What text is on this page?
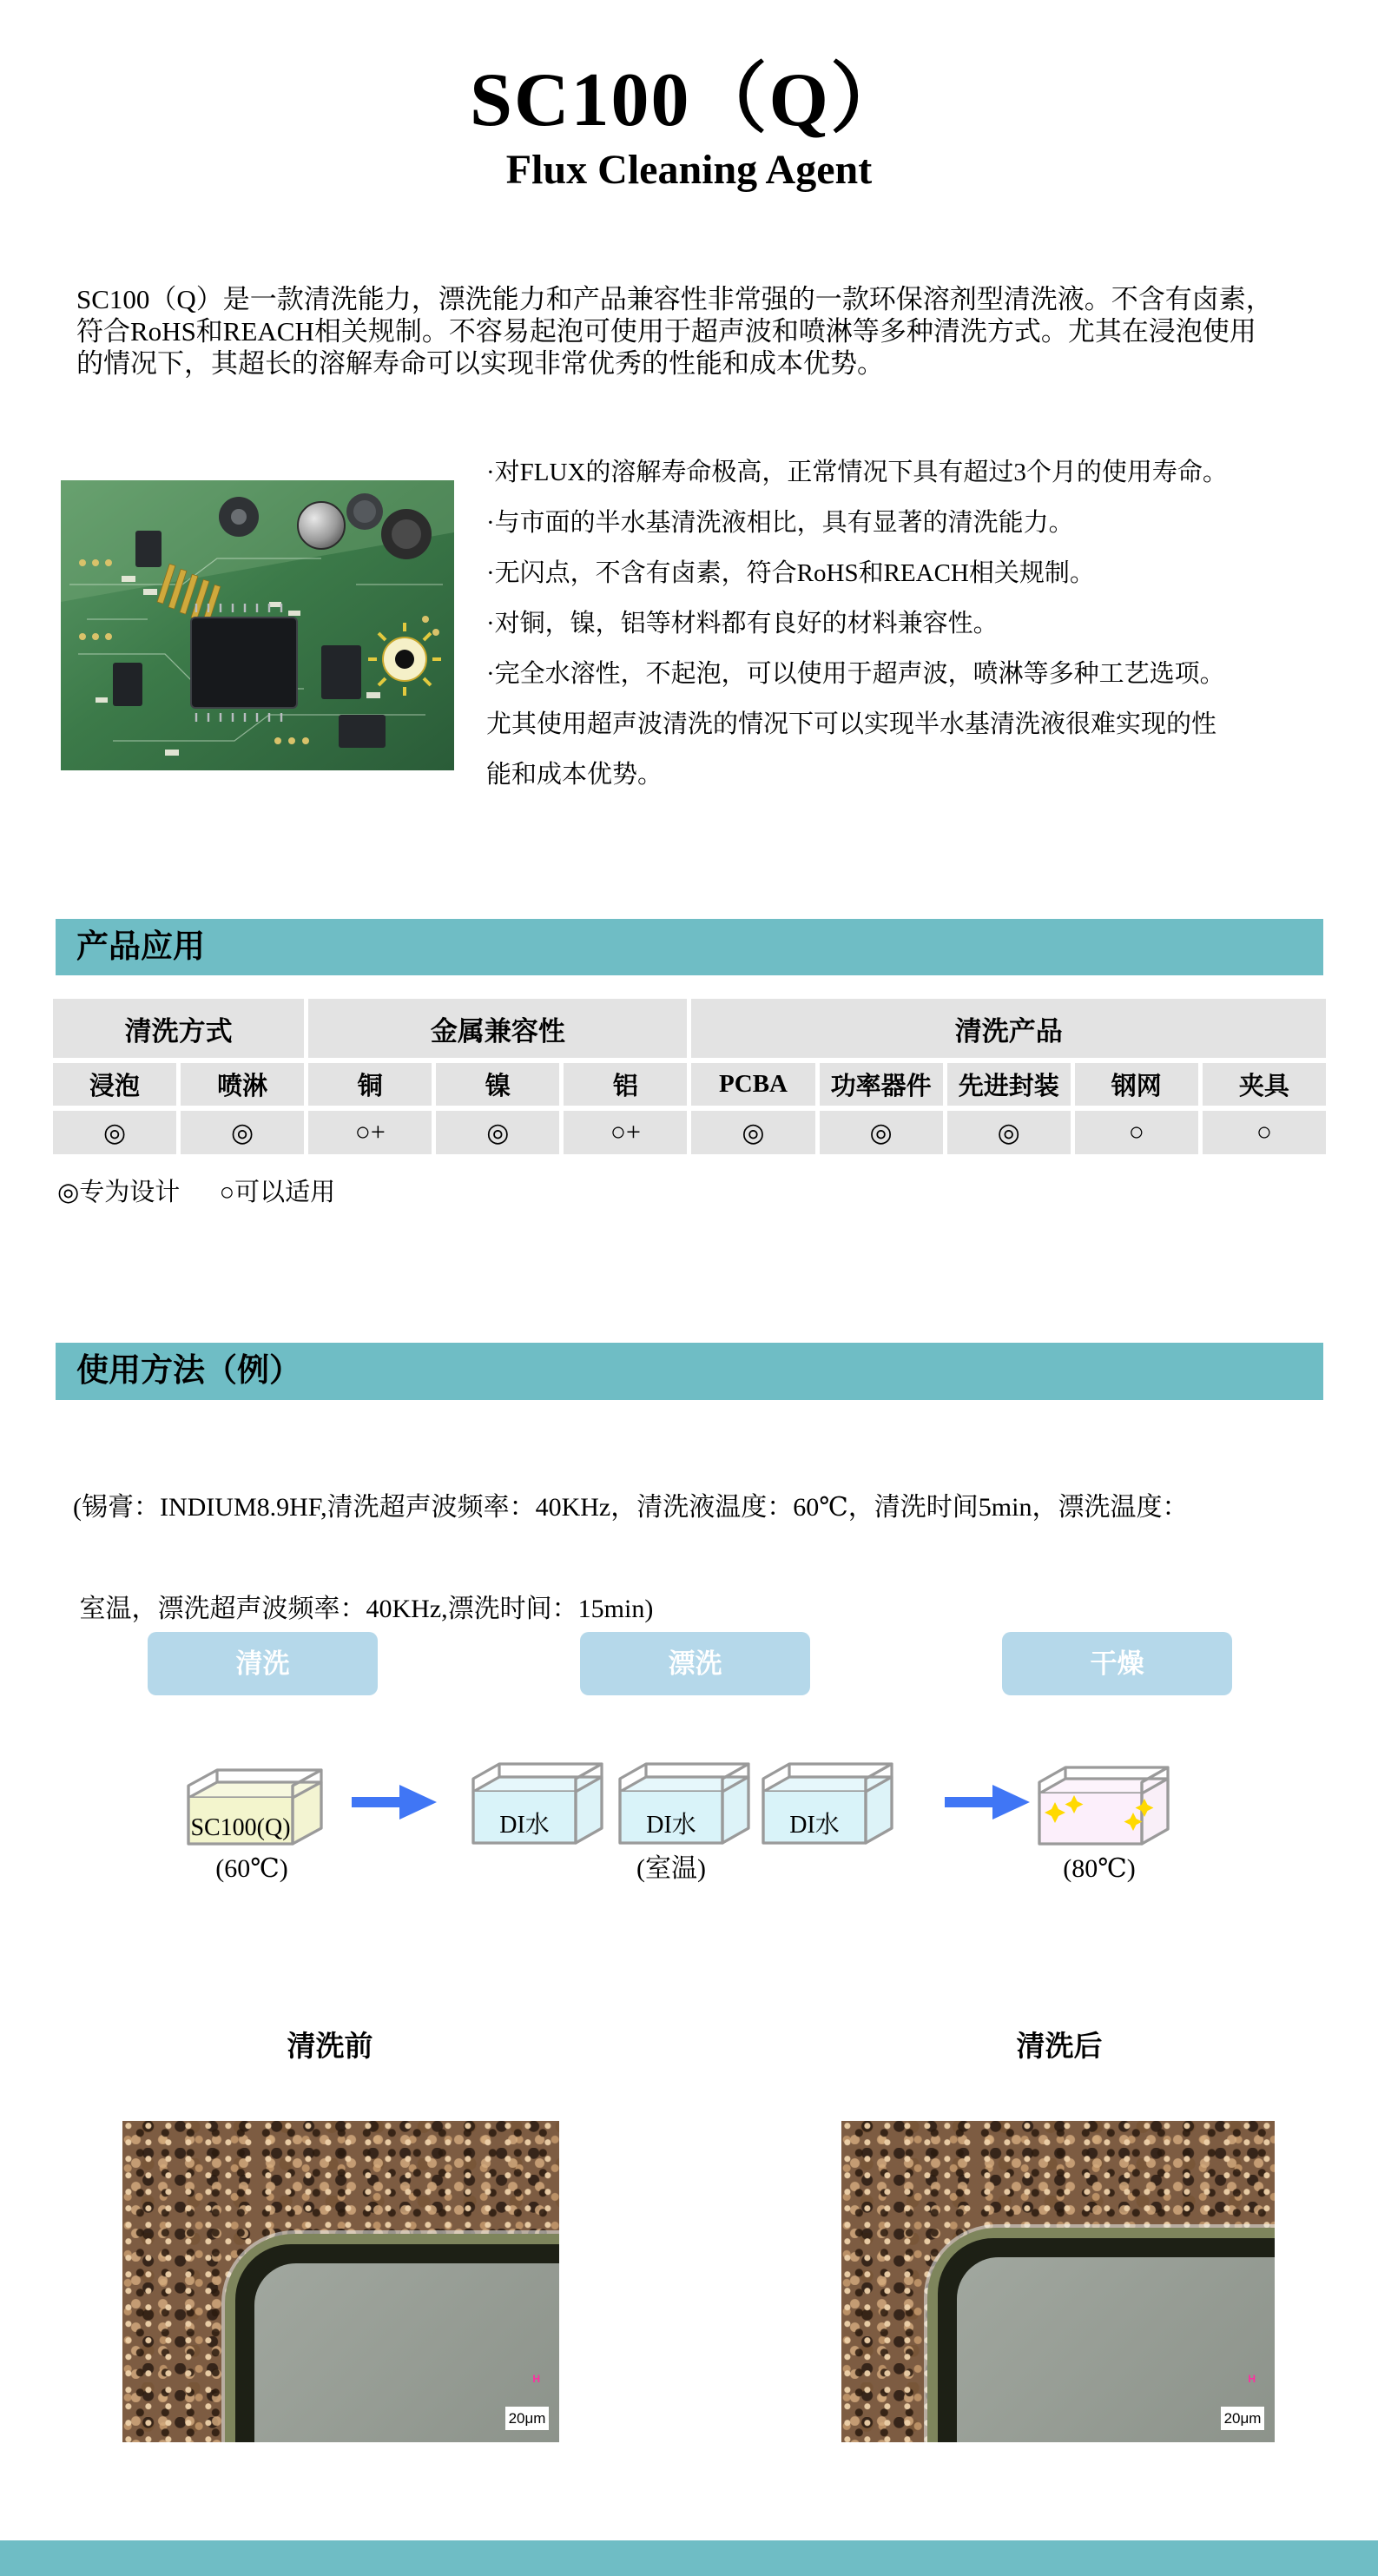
SC100（Q）
Flux Cleaning Agent
SC100（Q）是一款清洗能力，漂洗能力和产品兼容性非常强的一款环保溶剂型清洗液。不含有卤素，
符合RoHS和REACH相关规制。不容易起泡可使用于超声波和喷淋等多种清洗方式。尤其在浸泡使用
的情况下，其超长的溶解寿命可以实现非常优秀的性能和成本优势。
·对FLUX的溶解寿命极高，正常情况下具有超过3个月的使用寿命。
·与市面的半水基清洗液相比，具有显著的清洗能力。
·无闪点，不含有卤素，符合RoHS和REACH相关规制。
·对铜，镍，铝等材料都有良好的材料兼容性。
·完全水溶性，不起泡，可以使用于超声波，喷淋等多种工艺选项。
尤其使用超声波清洗的情况下可以实现半水基清洗液很难实现的性
能和成本优势。
产品应用
清洗方式		金属兼容性			清洗产品				
浸泡	喷淋	铜	镍	铝	PCBA	功率器件	先进封装	钢网	夹具
◎	◎	○+	◎	○+	◎	◎	◎	○	○
◎专为设计 ○可以适用
使用方法（例）

(锡膏：INDIUM8.9HF,清洗超声波频率：40KHz，清洗液温度：60℃，清洗时间5min，漂洗温度：

室温，漂洗超声波频率：40KHz,漂洗时间：15min)

清洗	漂洗	干燥
SC100(Q)
(60℃)
DI水	DI水	DI水
(室温)	(80℃)
清洗前	清洗后
H
20μm
H
20μm
